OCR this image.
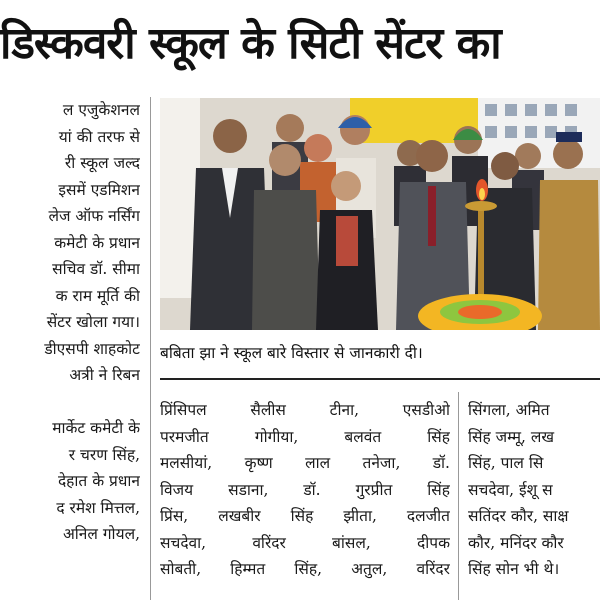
डिस्कवरी स्कूल के सिटी सेंटर का
ल एजुकेशनल
यां की तरफ से
री स्कूल जल्द
इसमें एडमिशन
लेज ऑफ नर्सिंग
कमेटी के प्रधान
सचिव डॉ. सीमा
क राम मूर्ति की
सेंटर खोला गया।
डीएसपी शाहकोट
अत्री ने रिबन
मार्केट कमेटी के
र चरण सिंह,
देहात के प्रधान
द रमेश मित्तल,
अनिल गोयल,
बबिता झा ने स्कूल बारे विस्तार से जानकारी दी।
प्रिंसिपल सैलीस टीना, एसडीओ
परमजीत गोगीया, बलवंत सिंह
मलसीयां, कृष्ण लाल तनेजा, डॉ.
विजय सडाना, डॉ. गुरप्रीत सिंह
प्रिंस, लखबीर सिंह झीता, दलजीत
सचदेवा, वरिंदर बांसल, दीपक
सोबती, हिम्मत सिंह, अतुल, वरिंदर
सिंगला, अमित
सिंह जम्मू, लख
सिंह, पाल सि
सचदेवा, ईशू स
सतिंदर कौर, साक्ष
कौर, मनिंदर कौर
सिंह सोन भी थे।
